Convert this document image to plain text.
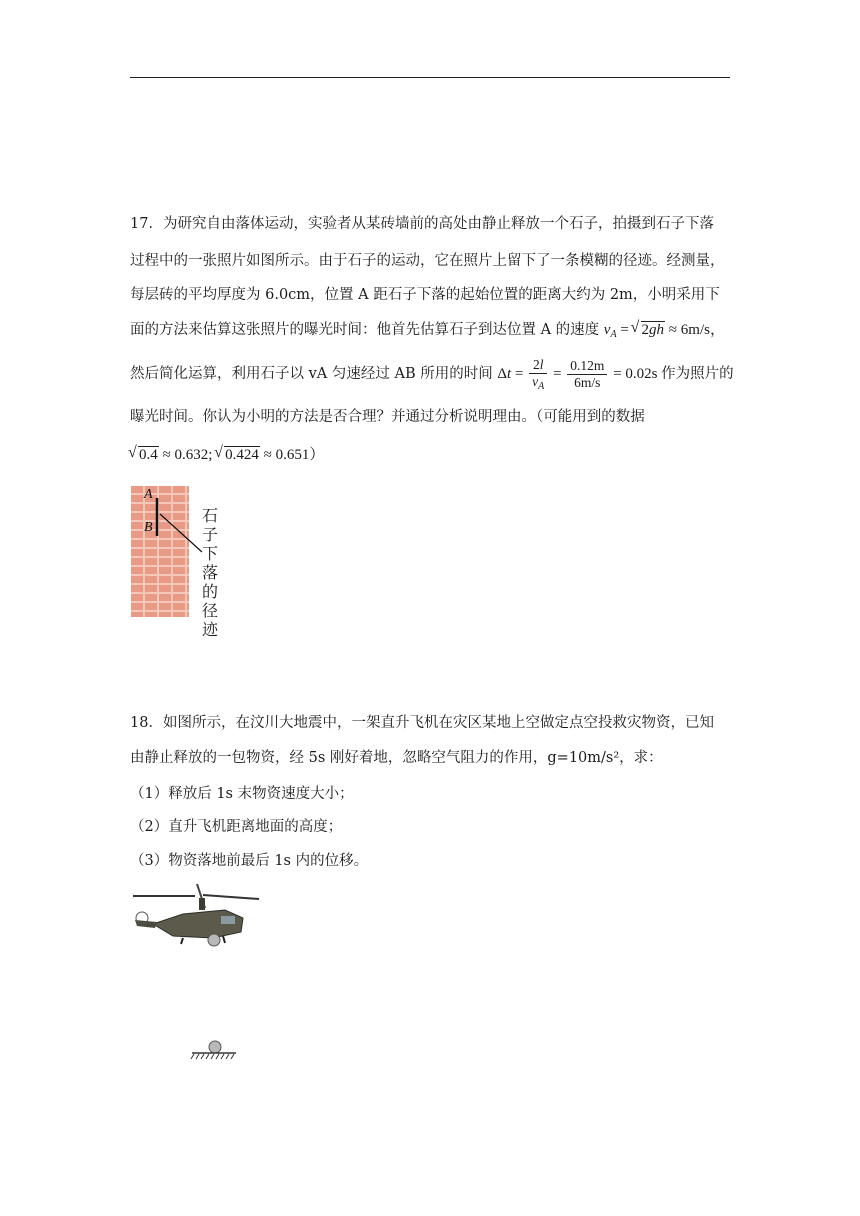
17．为研究自由落体运动，实验者从某砖墙前的高处由静止释放一个石子，拍摄到石子下落
过程中的一张照片如图所示。由于石子的运动，它在照片上留下了一条模糊的径迹。经测量，
每层砖的平均厚度为 6.0cm，位置 A 距石子下落的起始位置的距离大约为 2m，小明采用下
面的方法来估算这张照片的曝光时间：他首先估算石子到达位置 A 的速度 $v_A$ = √ 2gh ≈ 6m/s，
然后简化运算，利用石子以 vA 匀速经过 AB 所用的时间 $\Delta t = \frac{2l}{v_A} = \frac{0.12m}{6m/s} = 0.02s$ 作为照片的
曝光时间。你认为小明的方法是否合理？并通过分析说明理由。（可能用到的数据
√ 0.4 ≈ 0.632; √ 0.424 ≈ 0.651）
A
B
石子下落的径迹
18．如图所示，在汶川大地震中，一架直升飞机在灾区某地上空做定点空投救灾物资，已知
由静止释放的一包物资，经 5s 刚好着地，忽略空气阻力的作用，g=10m/s²，求：
（1）释放后 1s 末物资速度大小；
（2）直升飞机距离地面的高度；
（3）物资落地前最后 1s 内的位移。
